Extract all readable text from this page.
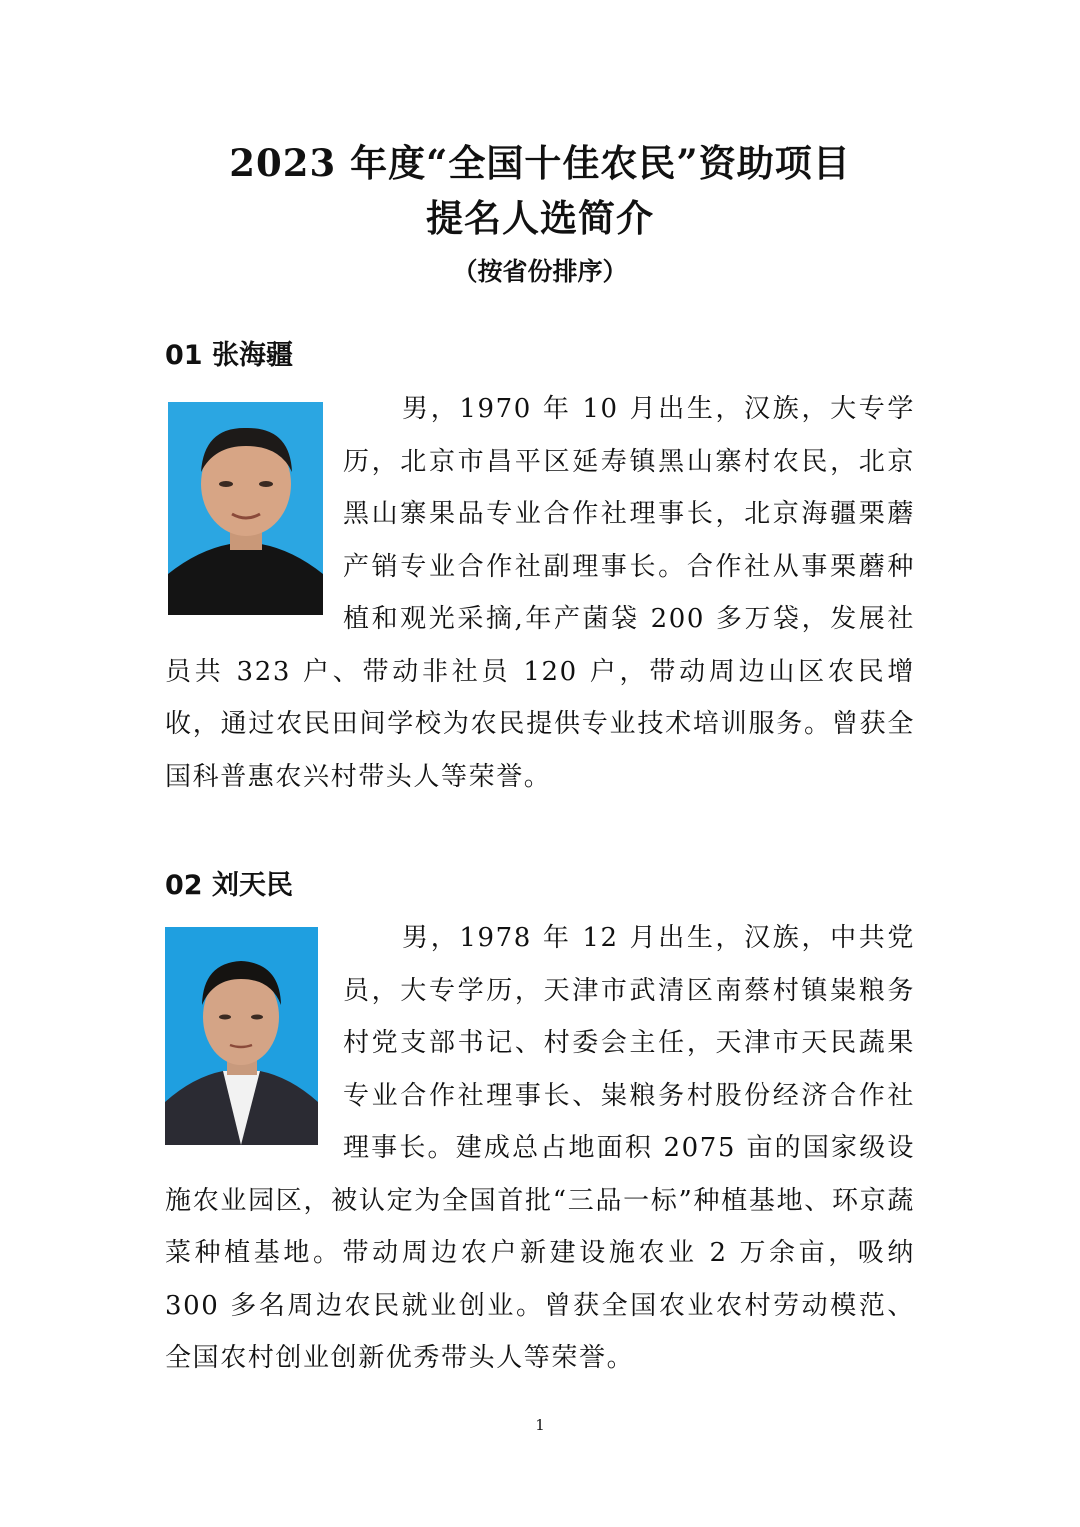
2023 年度“全国十佳农民”资助项目
提名人选简介
（按省份排序）
01 张海疆
男，1970 年 10 月出生，汉族，大专学历，北京市昌平区延寿镇黑山寨村农民，北京黑山寨果品专业合作社理事长，北京海疆栗蘑产销专业合作社副理事长。合作社从事栗蘑种植和观光采摘,年产菌袋 200 多万袋，发展社员共 323 户、带动非社员 120 户，带动周边山区农民增收，通过农民田间学校为农民提供专业技术培训服务。曾获全国科普惠农兴村带头人等荣誉。
02 刘天民
男，1978 年 12 月出生，汉族，中共党员，大专学历，天津市武清区南蔡村镇粜粮务村党支部书记、村委会主任，天津市天民蔬果专业合作社理事长、粜粮务村股份经济合作社理事长。建成总占地面积 2075 亩的国家级设施农业园区，被认定为全国首批“三品一标”种植基地、环京蔬菜种植基地。带动周边农户新建设施农业 2 万余亩，吸纳 300 多名周边农民就业创业。曾获全国农业农村劳动模范、全国农村创业创新优秀带头人等荣誉。
1
